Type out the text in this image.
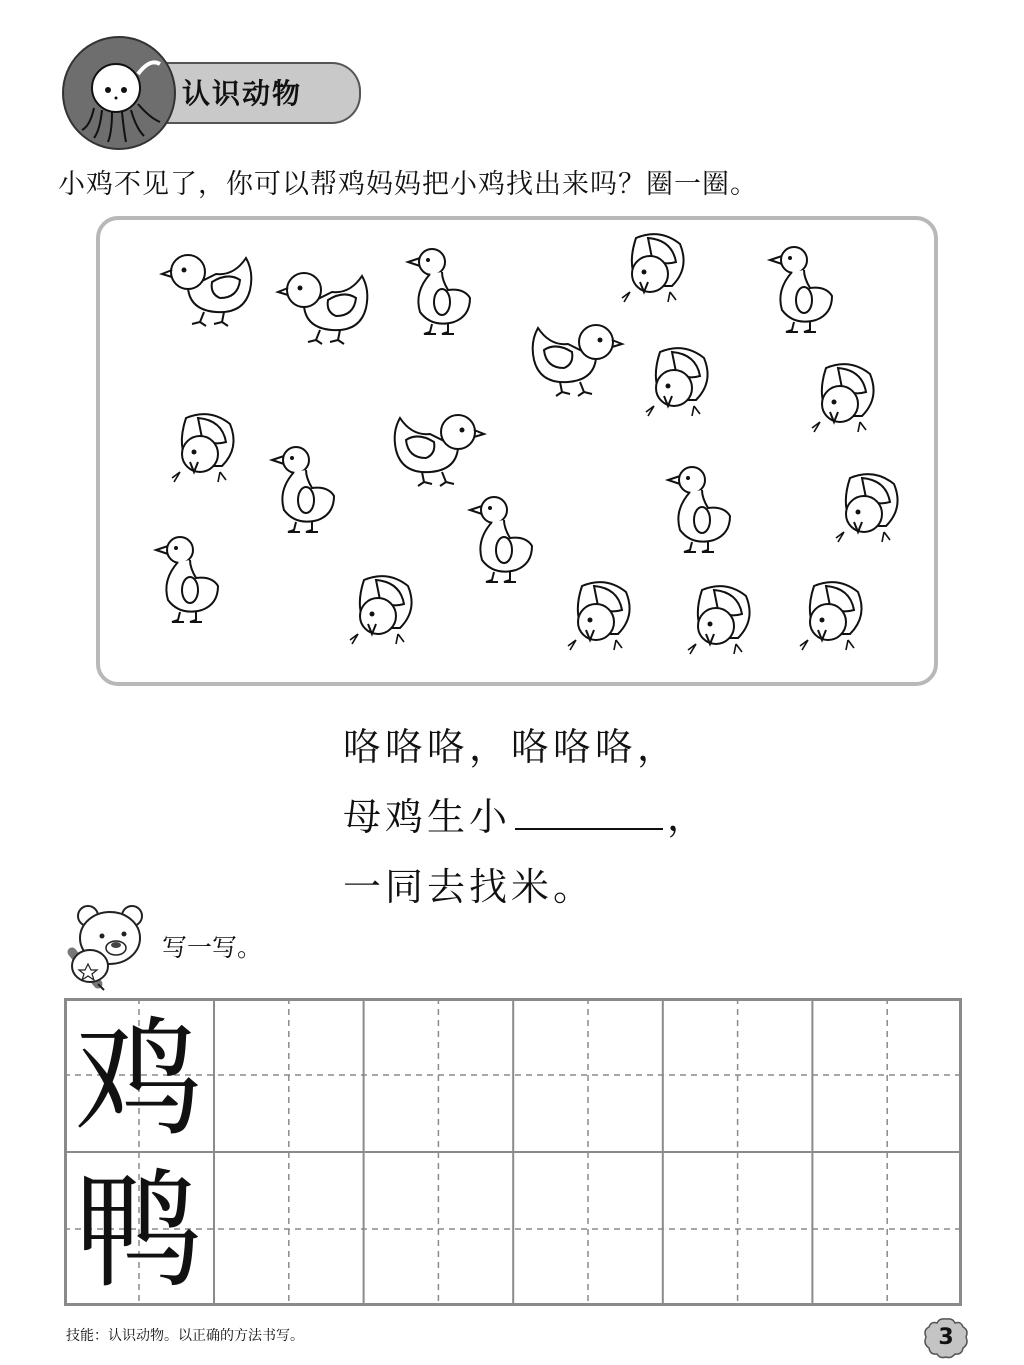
认识动物
小鸡不见了，你可以帮鸡妈妈把小鸡找出来吗？圈一圈。
咯咯咯，咯咯咯，
母鸡生小	，
一同去找米。
写一写。
鸡
鸭
技能：认识动物。以正确的方法书写。	3
